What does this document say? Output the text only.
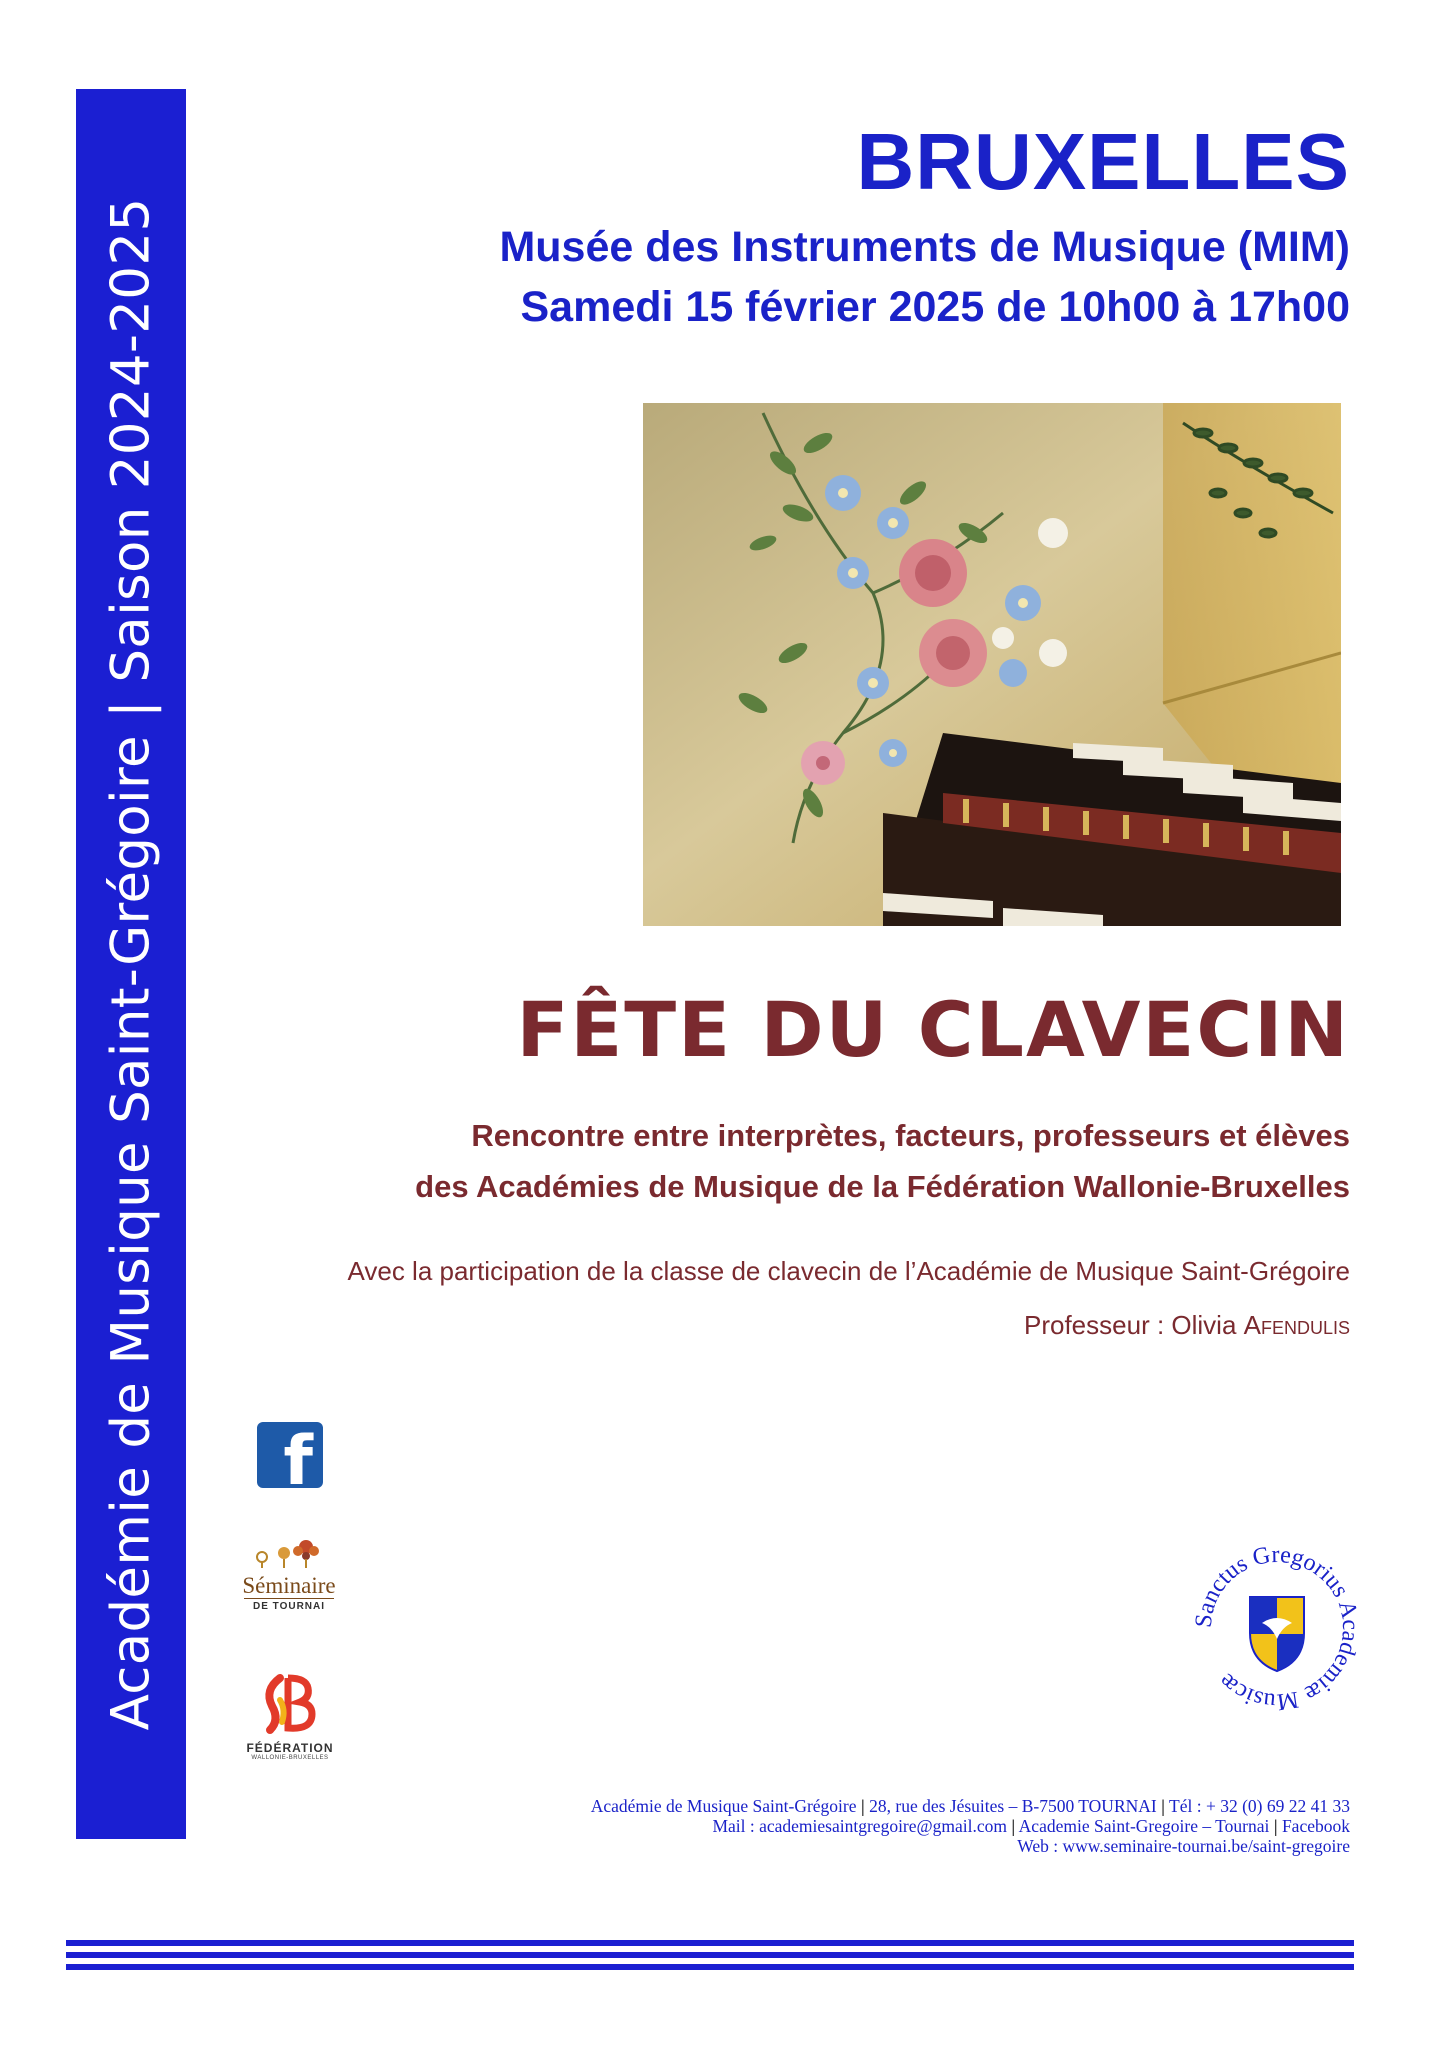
Académie de Musique Saint-Grégoire | Saison 2024-2025
BRUXELLES
Musée des Instruments de Musique (MIM)
Samedi 15 février 2025 de 10h00 à 17h00
FÊTE DU CLAVECIN
Rencontre entre interprètes, facteurs, professeurs et élèves
des Académies de Musique de la Fédération Wallonie-Bruxelles
Avec la participation de la classe de clavecin de l’Académie de Musique Saint-Grégoire
Professeur : Olivia Afendulis
f
Séminaire
DE TOURNAI
FÉDÉRATION
WALLONIE-BRUXELLES
Sanctus Gregorius Academiæ Musicæ
Académie de Musique Saint-Grégoire | 28, rue des Jésuites – B-7500 TOURNAI | Tél : + 32 (0) 69 22 41 33
Mail : academiesaintgregoire@gmail.com | Academie Saint-Gregoire – Tournai | Facebook
Web : www.seminaire-tournai.be/saint-gregoire
